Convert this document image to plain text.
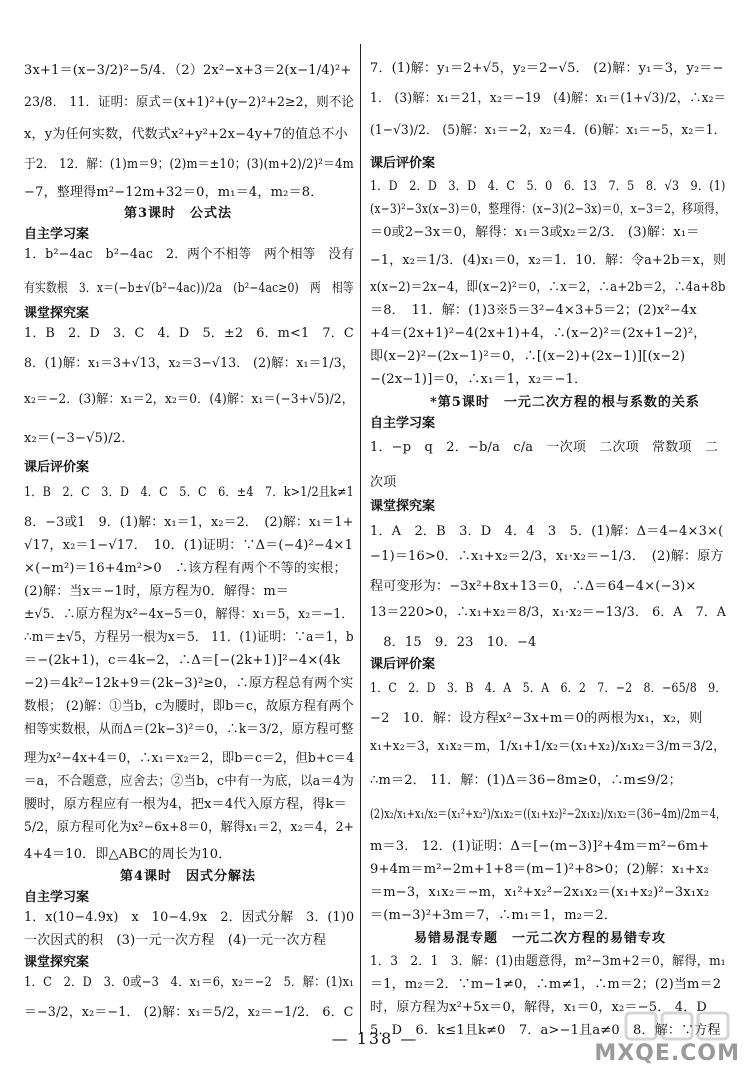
3x+1＝(x−3/2)²−5/4．（2）2x²−x+3＝2(x−1/4)²+
23/8． 11．证明：原式＝(x+1)²+(y−2)²+2≥2，则不论
x，y为任何实数，代数式x²+y²+2x−4y+7的值总不小
于2． 12．解：(1)m＝9；(2)m＝±10；(3)(m+2)/2)²＝4m
−7，整理得m²−12m+32＝0，m₁＝4，m₂＝8．
第3课时　公式法
自主学习案
1．b²−4ac　b²−4ac　2．两个不相等　两个相等　没有
有实数根　3．x＝(−b±√(b²−4ac))/2a　(b²−4ac≥0)　两　相等
课堂探究案
1．B　2．D　3．C　4．D　5．±2　6．m<1　7．C
8．(1)解：x₁＝3+√13，x₂＝3−√13． (2)解：x₁＝1/3，
x₂＝−2．(3)解：x₁＝2，x₂＝0．(4)解：x₁＝(−3+√5)/2，
x₂＝(−3−√5)/2．
课后评价案
1．B　2．C　3．D　4．C　5．C　6．±4　7．k>1/2且k≠1
8．−3或1　9．(1)解：x₁＝1，x₂＝2．　(2)解：x₁＝1+
√17，x₂＝1−√17．　10．(1)证明：∵Δ＝(−4)²−4×1
×(−m²)＝16+4m²>0　∴该方程有两个不等的实根；
(2)解：当x＝−1时，原方程为0．解得：m＝
±√5．∴原方程为x²−4x−5＝0，解得：x₁＝5，x₂＝−1．
∴m＝±√5，方程另一根为x＝5． 11．(1)证明：∵a＝1，b
＝−(2k+1)，c＝4k−2，∴Δ＝[−(2k+1)]²−4×(4k
−2)＝4k²−12k+9＝(2k−3)²≥0，∴原方程总有两个实
数根； (2)解：①当b，c为腰时，即b＝c，故原方程有两个
相等实数根，从而Δ＝(2k−3)²＝0，∴k＝3/2，原方程可整
理为x²−4x+4＝0，∴x₁＝x₂＝2，即b＝c＝2，但b+c＝4
＝a，不合题意，应舍去；②当b，c中有一为底，以a＝4为
腰时，原方程应有一根为4，把x＝4代入原方程，得k＝
5/2，原方程可化为x²−6x+8＝0，解得x₁＝2，x₂＝4，2+
4+4＝10．即△ABC的周长为10．
第4课时　因式分解法
自主学习案
1．x(10−4.9x)　x　10−4.9x　2．因式分解　3．(1)0
一次因式的积　(3)一元一次方程　(4)一元一次方程
课堂探究案
1．C　2．D　3．0或−3　4．x₁＝6，x₂＝−2　5．解：(1)x₁
＝−3/2，x₂＝−1． (2)解：x₁＝5/2，x₂＝−1/2． 6．C
7．(1)解：y₁＝2+√5，y₂＝2−√5． (2)解：y₁＝3，y₂＝−
1． (3)解：x₁＝21，x₂＝−19　(4)解：x₁＝(1+√3)/2，∴x₂＝
(1−√3)/2． (5)解：x₁＝−2，x₂＝4．(6)解：x₁＝−5，x₂＝1．
课后评价案
1．D　2．D　3．D　4．C　5．0　6．13　7．5　8．√3　9．(1)
(x−3)²−3x(x−3)＝0，整理得：(x−3)(2−3x)＝0，x−3＝2，移项得，
＝0或2−3x＝0，解得：x₁＝3或x₂＝2/3． (3)解：x₁＝
−1，x₂＝1/3．(4)x₁＝0，x₂＝1．10．解：令a+2b＝x，则
x(x−2)＝2x−4，即(x−2)²＝0，∴x＝2，∴a+2b＝2，∴4a+8b
＝8．　11．解：(1)3※5＝3²−4×3+5＝2；(2)x²−4x
+4＝(2x+1)²−4(2x+1)+4，∴(x−2)²＝(2x+1−2)²，
即(x−2)²−(2x−1)²＝0，∴[(x−2)+(2x−1)][(x−2)
−(2x−1)]＝0，∴x₁＝1，x₂＝−1．
*第5课时　一元二次方程的根与系数的关系
自主学习案
1．−p　q　2．−b/a　c/a　一次项　二次项　常数项　二
次项
课堂探究案
1．A　2．B　3．D　4．4　3　5．(1)解：Δ＝4−4×3×(
−1)＝16>0．∴x₁+x₂＝2/3，x₁·x₂＝−1/3．　(2)解：原方
程可变形为：−3x²+8x+13＝0，∴Δ＝64−4×(−3)×
13＝220>0，∴x₁+x₂＝8/3，x₁·x₂＝−13/3． 6．A　7．A
　8．15　9．23　10．−4
课后评价案
1．C　2．D　3．B　4．A　5．A　6．2　7．−2　8．−65/8　9．
−2　10．解：设方程x²−3x+m＝0的两根为x₁，x₂，则
x₁+x₂＝3，x₁x₂＝m，1/x₁+1/x₂＝(x₁+x₂)/x₁x₂＝3/m＝3/2，
∴m＝2． 11．解：(1)Δ＝36−8m≥0，∴m≤9/2；
(2)x₂/x₁+x₁/x₂＝(x₁²+x₂²)/x₁x₂＝((x₁+x₂)²−2x₁x₂)/x₁x₂＝(36−4m)/2m＝4，
m＝3． 12．(1)证明：Δ＝[−(m−3)]²+4m＝m²−6m+
9+4m＝m²−2m+1+8＝(m−1)²+8>0；(2)解：x₁+x₂
＝m−3，x₁x₂＝−m，x₁²+x₂²−2x₁x₂＝(x₁+x₂)²−3x₁x₂
＝(m−3)²+3m＝7，∴m₁＝1，m₂＝2．
易错易混专题　一元二次方程的易错专攻
1．3　2．1　3．解：(1)由题意得，m²−3m+2＝0，解得，m₁
＝1，m₂＝2．∵m−1≠0，∴m≠1，∴m＝2；(2)当m＝2
时，原方程为x²+5x＝0，解得，x₁＝0，x₂＝−5． 4．D
5．D　6．k≤1且k≠0　7．a>−1且a≠0　8．解：∵方程
— 138 —
MXQE.COM
